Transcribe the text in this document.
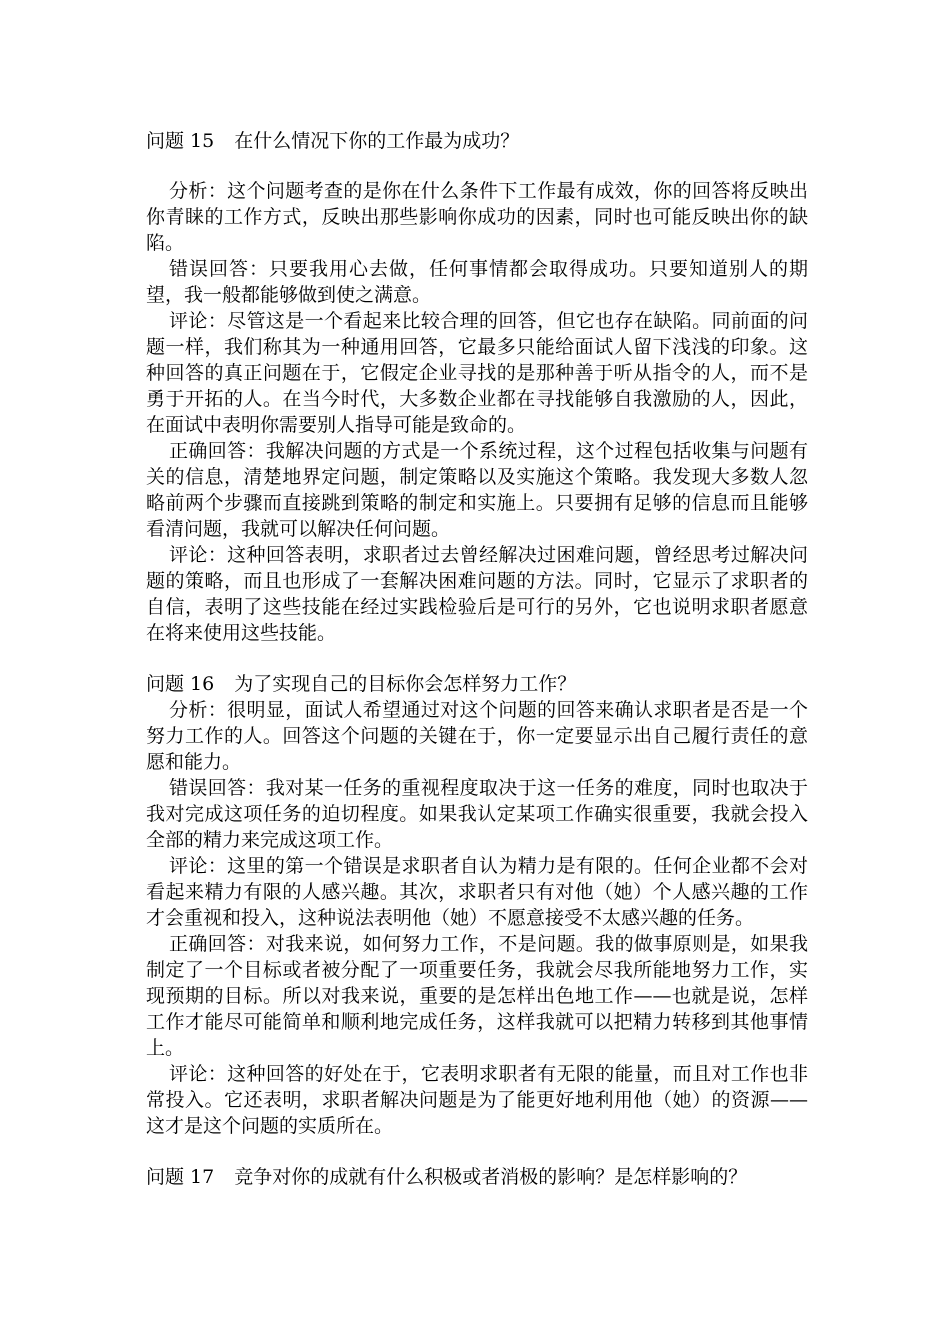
问题 15 在什么情况下你的工作最为成功？

分析：这个问题考查的是你在什么条件下工作最有成效，你的回答将反映出你青睐的工作方式，反映出那些影响你成功的因素，同时也可能反映出你的缺陷。

错误回答：只要我用心去做，任何事情都会取得成功。只要知道别人的期望，我一般都能够做到使之满意。

评论：尽管这是一个看起来比较合理的回答，但它也存在缺陷。同前面的问题一样，我们称其为一种通用回答，它最多只能给面试人留下浅浅的印象。这种回答的真正问题在于，它假定企业寻找的是那种善于听从指令的人，而不是勇于开拓的人。在当今时代，大多数企业都在寻找能够自我激励的人，因此，在面试中表明你需要别人指导可能是致命的。

正确回答：我解决问题的方式是一个系统过程，这个过程包括收集与问题有关的信息，清楚地界定问题，制定策略以及实施这个策略。我发现大多数人忽略前两个步骤而直接跳到策略的制定和实施上。只要拥有足够的信息而且能够看清问题，我就可以解决任何问题。

评论：这种回答表明，求职者过去曾经解决过困难问题，曾经思考过解决问题的策略，而且也形成了一套解决困难问题的方法。同时，它显示了求职者的自信，表明了这些技能在经过实践检验后是可行的另外，它也说明求职者愿意在将来使用这些技能。

问题 16 为了实现自己的目标你会怎样努力工作？

分析：很明显，面试人希望通过对这个问题的回答来确认求职者是否是一个努力工作的人。回答这个问题的关键在于，你一定要显示出自己履行责任的意愿和能力。

错误回答：我对某一任务的重视程度取决于这一任务的难度，同时也取决于我对完成这项任务的迫切程度。如果我认定某项工作确实很重要，我就会投入全部的精力来完成这项工作。

评论：这里的第一个错误是求职者自认为精力是有限的。任何企业都不会对看起来精力有限的人感兴趣。其次，求职者只有对他（她）个人感兴趣的工作才会重视和投入，这种说法表明他（她）不愿意接受不太感兴趣的任务。

正确回答：对我来说，如何努力工作，不是问题。我的做事原则是，如果我制定了一个目标或者被分配了一项重要任务，我就会尽我所能地努力工作，实现预期的目标。所以对我来说，重要的是怎样出色地工作——也就是说，怎样工作才能尽可能简单和顺利地完成任务，这样我就可以把精力转移到其他事情上。

评论：这种回答的好处在于，它表明求职者有无限的能量，而且对工作也非常投入。它还表明，求职者解决问题是为了能更好地利用他（她）的资源——这才是这个问题的实质所在。

问题 17 竞争对你的成就有什么积极或者消极的影响？是怎样影响的？
